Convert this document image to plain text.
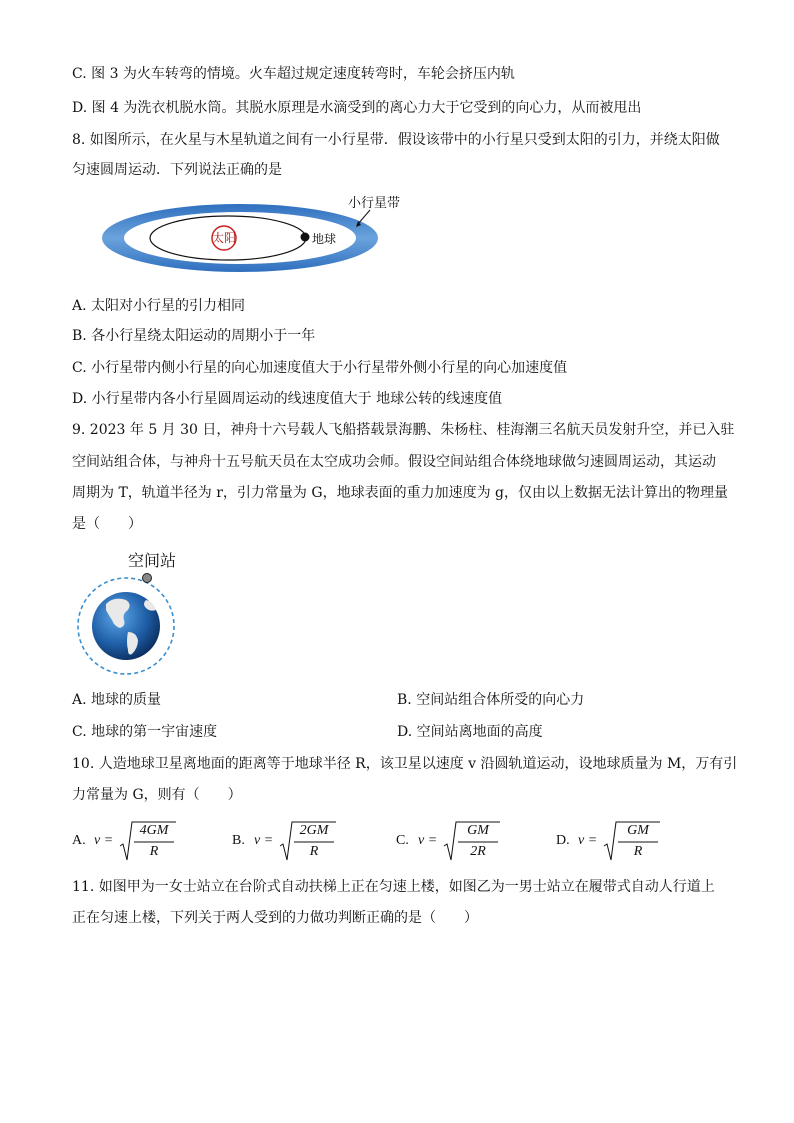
C. 图 3 为火车转弯的情境。火车超过规定速度转弯时，车轮会挤压内轨
D. 图 4 为洗衣机脱水筒。其脱水原理是水滴受到的离心力大于它受到的向心力，从而被甩出
8. 如图所示，在火星与木星轨道之间有一小行星带．假设该带中的小行星只受到太阳的引力，并绕太阳做
匀速圆周运动．下列说法正确的是
小行星带
太阳	地球
A. 太阳对小行星的引力相同
B. 各小行星绕太阳运动的周期小于一年
C. 小行星带内侧小行星的向心加速度值大于小行星带外侧小行星的向心加速度值
D. 小行星带内各小行星圆周运动的线速度值大于 地球公转的线速度值
9. 2023 年 5 月 30 日，神舟十六号载人飞船搭载景海鹏、朱杨柱、桂海潮三名航天员发射升空，并已入驻
空间站组合体，与神舟十五号航天员在太空成功会师。假设空间站组合体绕地球做匀速圆周运动，其运动
周期为 T，轨道半径为 r，引力常量为 G，地球表面的重力加速度为 g，仅由以上数据无法计算出的物理量
是（　　）
空间站
A. 地球的质量	B. 空间站组合体所受的向心力
C. 地球的第一宇宙速度	D. 空间站离地面的高度
10. 人造地球卫星离地面的距离等于地球半径 R，该卫星以速度 v 沿圆轨道运动，设地球质量为 M，万有引
力常量为 G，则有（　　）
A. v =
4GM
R
B. v =
2GM
R
C. v =
GM
2R
D. v =
GM
R
11. 如图甲为一女士站立在台阶式自动扶梯上正在匀速上楼，如图乙为一男士站立在履带式自动人行道上
正在匀速上楼，下列关于两人受到的力做功判断正确的是（　　）
